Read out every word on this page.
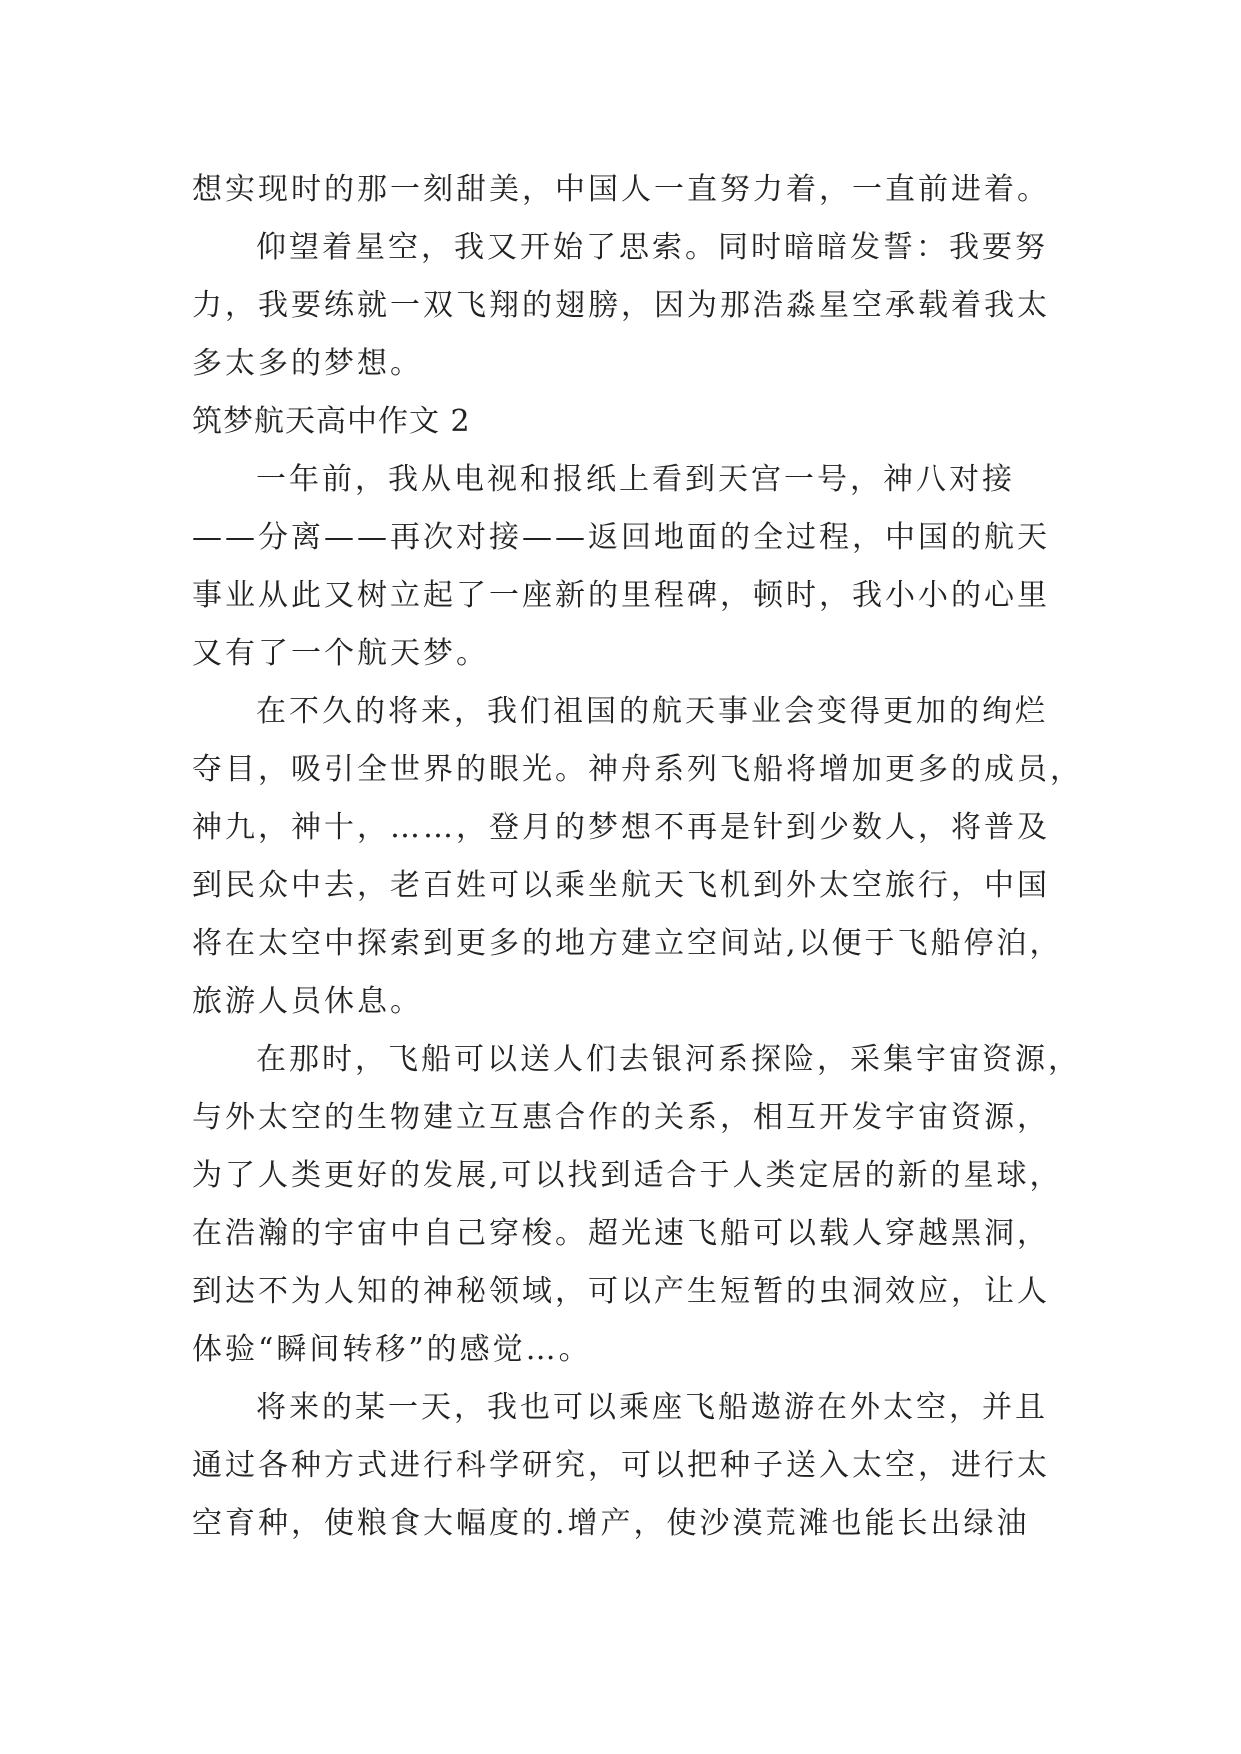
想实现时的那一刻甜美，中国人一直努力着，一直前进着。
仰望着星空，我又开始了思索。同时暗暗发誓：我要努
力，我要练就一双飞翔的翅膀，因为那浩淼星空承载着我太
多太多的梦想。
筑梦航天高中作文 2
一年前，我从电视和报纸上看到天宫一号，神八对接
——分离——再次对接——返回地面的全过程，中国的航天
事业从此又树立起了一座新的里程碑，顿时，我小小的心里
又有了一个航天梦。
在不久的将来，我们祖国的航天事业会变得更加的绚烂
夺目，吸引全世界的眼光。神舟系列飞船将增加更多的成员，
神九，神十，……，登月的梦想不再是针到少数人，将普及
到民众中去，老百姓可以乘坐航天飞机到外太空旅行，中国
将在太空中探索到更多的地方建立空间站,以便于飞船停泊，
旅游人员休息。
在那时，飞船可以送人们去银河系探险，采集宇宙资源，
与外太空的生物建立互惠合作的关系，相互开发宇宙资源，
为了人类更好的发展,可以找到适合于人类定居的新的星球，
在浩瀚的宇宙中自己穿梭。超光速飞船可以载人穿越黑洞，
到达不为人知的神秘领域，可以产生短暂的虫洞效应，让人
体验“瞬间转移”的感觉…。
将来的某一天，我也可以乘座飞船遨游在外太空，并且
通过各种方式进行科学研究，可以把种子送入太空，进行太
空育种，使粮食大幅度的.增产，使沙漠荒滩也能长出绿油
